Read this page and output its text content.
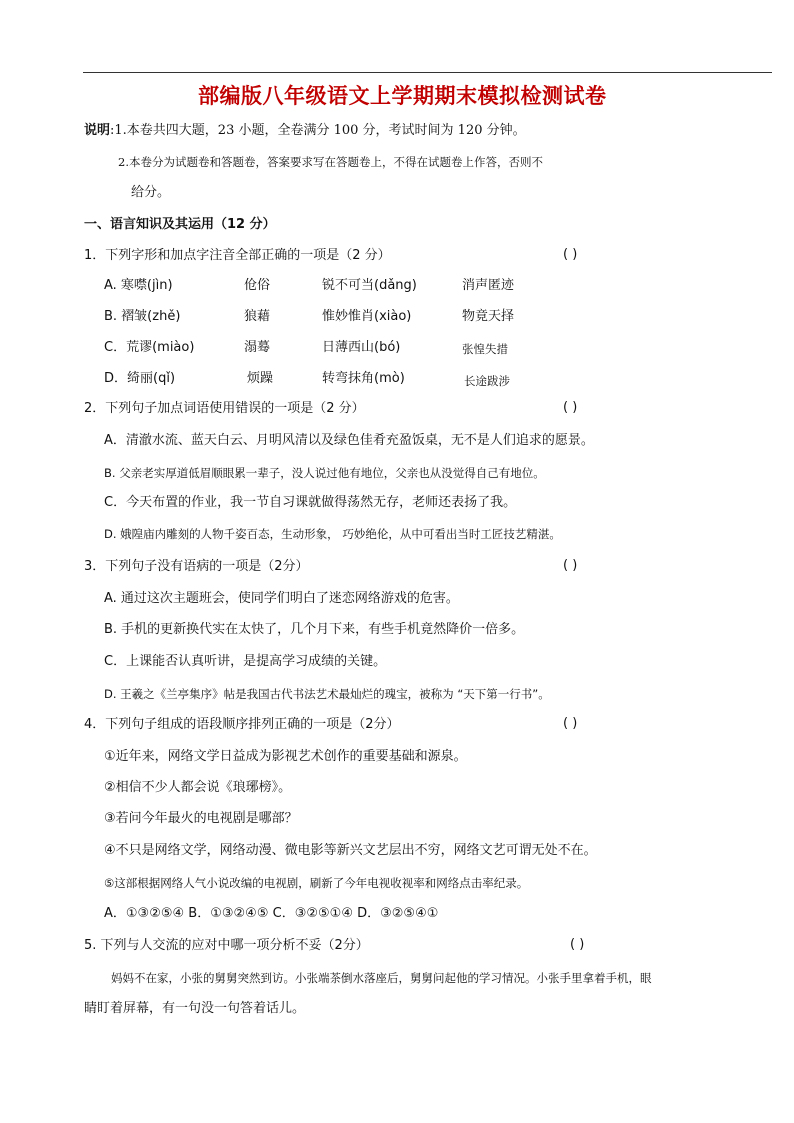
部编版八年级语文上学期期末模拟检测试卷
说明:1.本卷共四大题，23 小题，全卷满分 100 分，考试时间为 120 分钟。
2.本卷分为试题卷和答题卷，答案要求写在答题卷上，不得在试题卷上作答，否则不
给分。
一、语言知识及其运用（12 分）
1．下列字形和加点字注音全部正确的一项是（2 分）	( )
A. 寒噤(jìn)	伧俗	锐不可当(dǎng)	消声匿迹
B. 褶皱(zhě)	狼藉	惟妙惟肖(xiào)	物竟天择
C．荒谬(miào)	溻蓦	日薄西山(bó)	张惶失措
D．绮丽(qǐ)	烦躁	转弯抹角(mò)	长途跋涉
2．下列句子加点词语使用错误的一项是（2 分）	( )
A．清澈水流、蓝天白云、月明风清以及绿色佳肴充盈饭桌，无不是人们追求的愿景。
B. 父亲老实厚道低眉顺眼累一辈子，没人说过他有地位，父亲也从没觉得自己有地位。
C．今天布置的作业，我一节自习课就做得荡然无存，老师还表扬了我。
D. 娥隍庙内雕刻的人物千姿百态，生动形象， 巧妙绝伦，从中可看出当时工匠技艺精湛。
3．下列句子没有语病的一项是（2分）	( )
A. 通过这次主题班会，使同学们明白了迷恋网络游戏的危害。
B. 手机的更新换代实在太快了，几个月下来，有些手机竟然降价一倍多。
C．上课能否认真听讲，是提高学习成绩的关键。
D. 王羲之《兰亭集序》帖是我国古代书法艺术最灿烂的瑰宝，被称为 “天下第一行书”。
4．下列句子组成的语段顺序排列正确的一项是（2分）	( )
①近年来，网络文学日益成为影视艺术创作的重要基础和源泉。
②相信不少人都会说《琅琊榜》。
③若问今年最火的电视剧是哪部？
④不只是网络文学，网络动漫、微电影等新兴文艺层出不穷，网络文艺可谓无处不在。
⑤这部根据网络人气小说改编的电视剧，刷新了今年电视收视率和网络点击率纪录。
A．①③②⑤④ B．①③②④⑤ C．③②⑤①④ D．③②⑤④①
5. 下列与人交流的应对中哪一项分析不妥（2分）	( )
妈妈不在家，小张的舅舅突然到访。小张端茶倒水落座后，舅舅问起他的学习情况。小张手里拿着手机，眼
睛盯着屏幕，有一句没一句答着话儿。
